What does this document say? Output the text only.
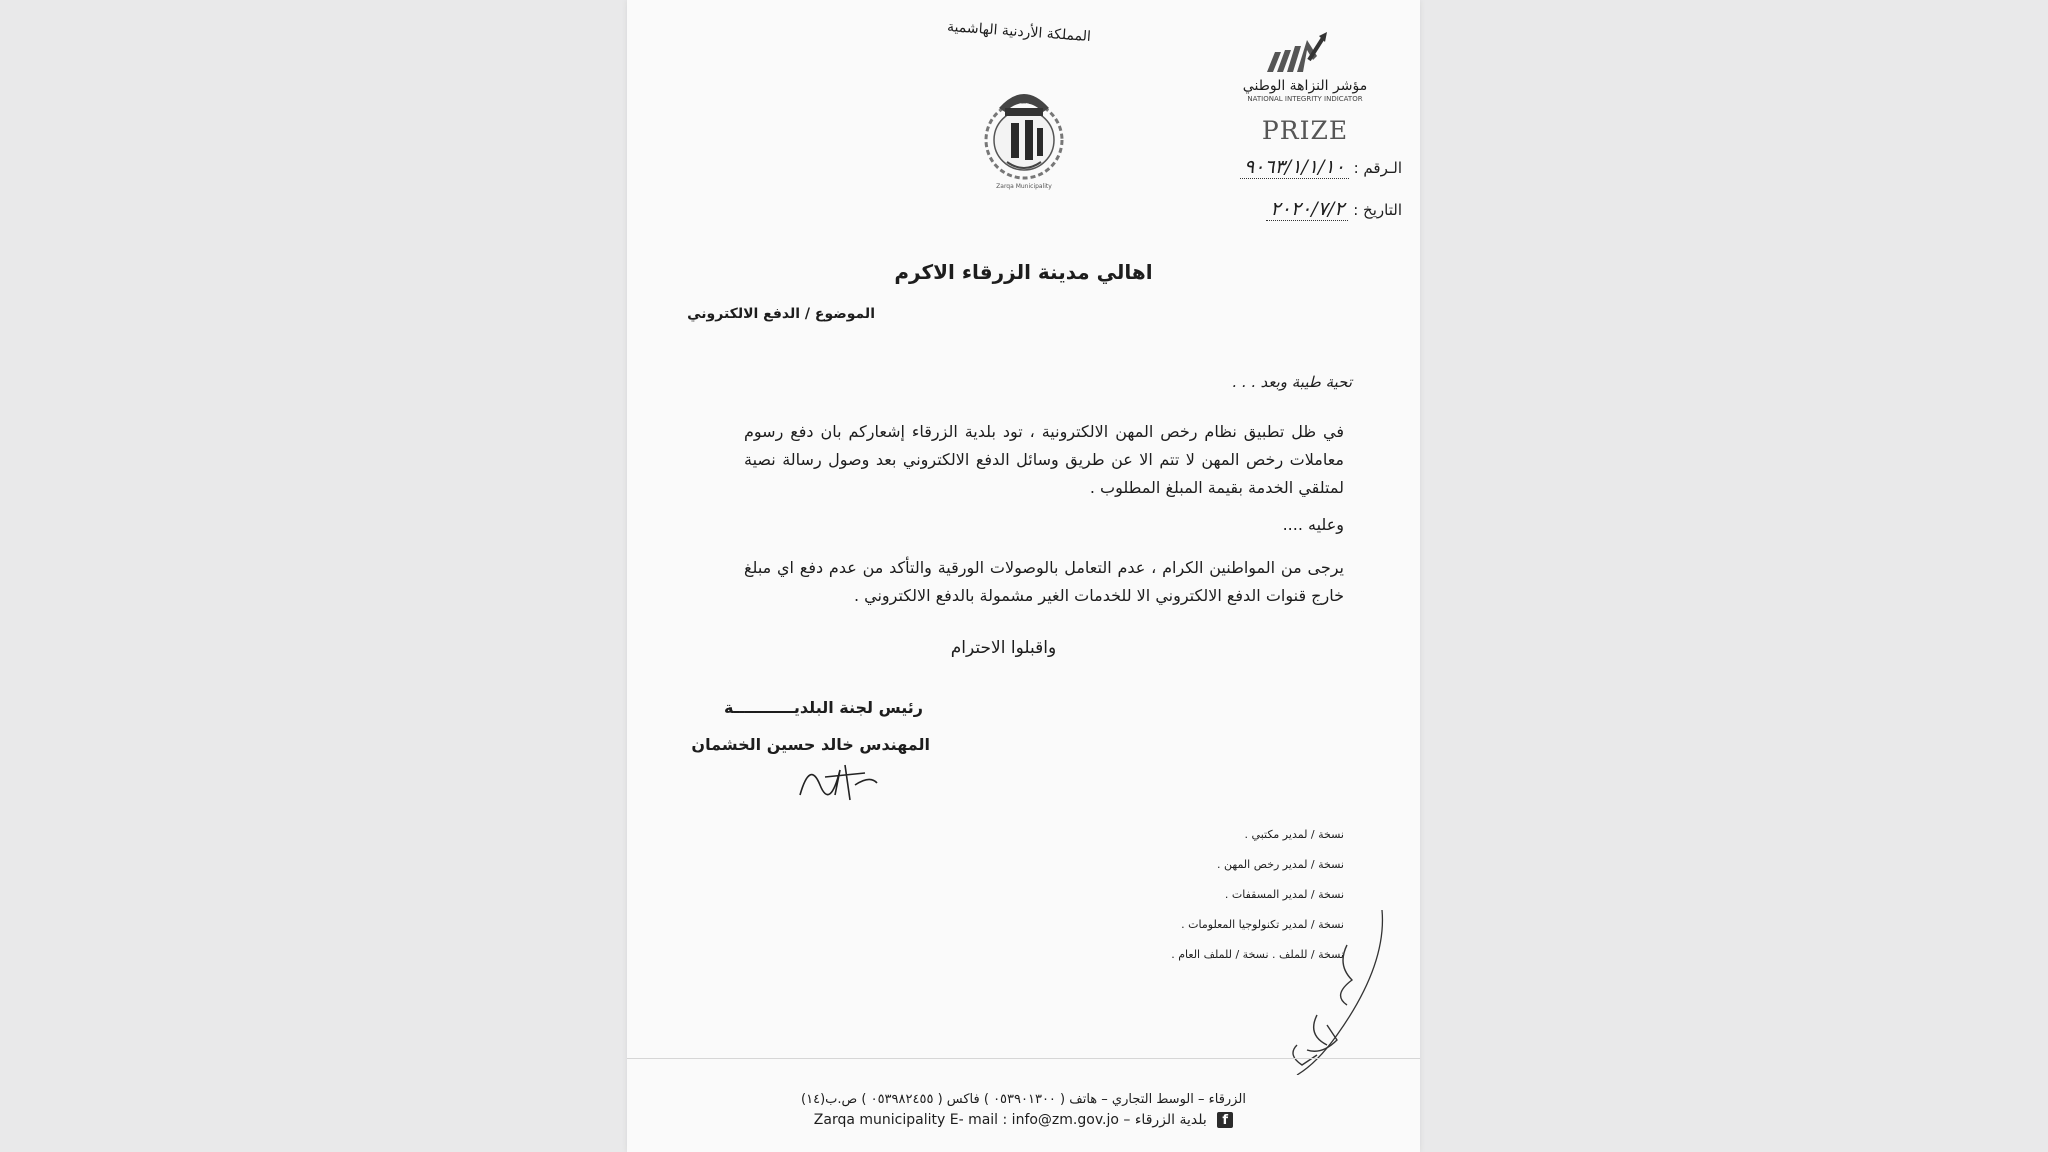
المملكة الأردنية الهاشمية
Zarqa Municipality
مؤشر النزاهة الوطني
NATIONAL INTEGRITY INDICATOR
PRIZE
الـرقم : ٩٠٦٣/١/١/١٠
التاريخ : ٢٠٢٠/٧/٢
اهالي مدينة الزرقاء الاكرم
الموضوع / الدفع الالكتروني
تحية طيبة وبعد . . .
في ظل تطبيق نظام رخص المهن الالكترونية ، تود بلدية الزرقاء إشعاركم بان دفع رسوم معاملات رخص المهن لا تتم الا عن طريق وسائل الدفع الالكتروني بعد وصول رسالة نصية لمتلقي الخدمة بقيمة المبلغ المطلوب .
وعليه ....
يرجى من المواطنين الكرام ، عدم التعامل بالوصولات الورقية والتأكد من عدم دفع اي مبلغ خارج قنوات الدفع الالكتروني الا للخدمات الغير مشمولة بالدفع الالكتروني .
واقبلوا الاحترام
رئيس لجنة البلديـــــــــــة
المهندس خالد حسين الخشمان
نسخة / لمدير مكتبي .
نسخة / لمدير رخص المهن .
نسخة / لمدير المسقفات .
نسخة / لمدير تكنولوجيا المعلومات .
نسخة / للملف . نسخة / للملف العام .
الزرقاء – الوسط التجاري – هاتف ( ٠٥٣٩٠١٣٠٠ ) فاكس ( ٠٥٣٩٨٢٤٥٥ ) ص.ب(١٤)
f بلدية الزرقاء – Zarqa municipality E- mail : info@zm.gov.jo
